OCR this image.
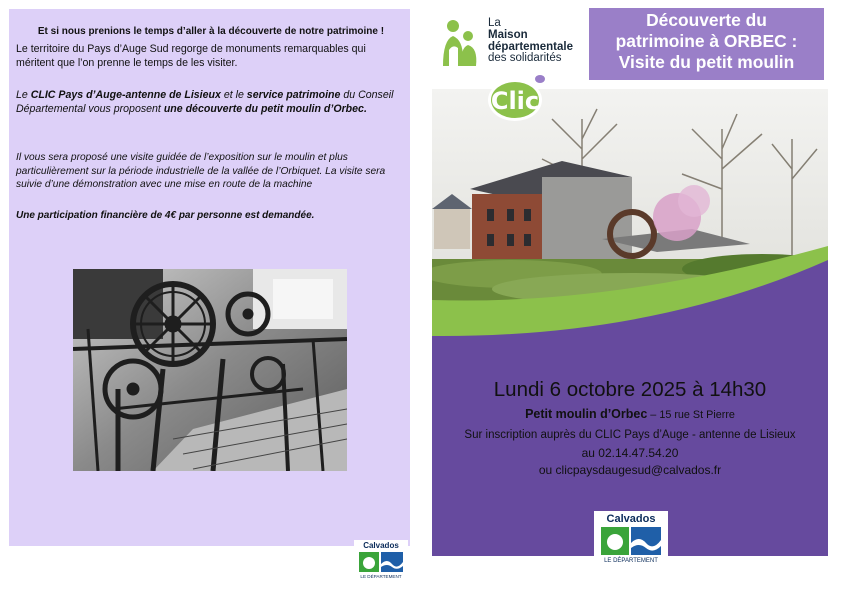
Et si nous prenions le temps d’aller à la découverte de notre patrimoine !
Le territoire du Pays d’Auge Sud regorge de monuments remarquables qui méritent que l’on prenne le temps de les visiter.
Le CLIC Pays d’Auge-antenne de Lisieux et le service patrimoine du Conseil Départemental vous proposent une découverte du petit moulin d’Orbec.
Il vous sera proposé une visite guidée de l’exposition sur le moulin et plus particulièrement sur la période industrielle de la vallée de l’Orbiquet. La visite sera suivie d’une démonstration avec une mise en route de la machine
Une participation financière de 4€ par personne est demandée.
Calvados
LE DÉPARTEMENT
La
Maison
départementale
des solidarités
Découverte du
patrimoine à ORBEC :
Visite du petit moulin
Clic
Lundi 6 octobre 2025 à 14h30
Petit moulin d’Orbec – 15 rue St Pierre
Sur inscription auprès du CLIC Pays d’Auge - antenne de Lisieux
au 02.14.47.54.20
ou clicpaysdaugesud@calvados.fr
Calvados
LE DÉPARTEMENT
